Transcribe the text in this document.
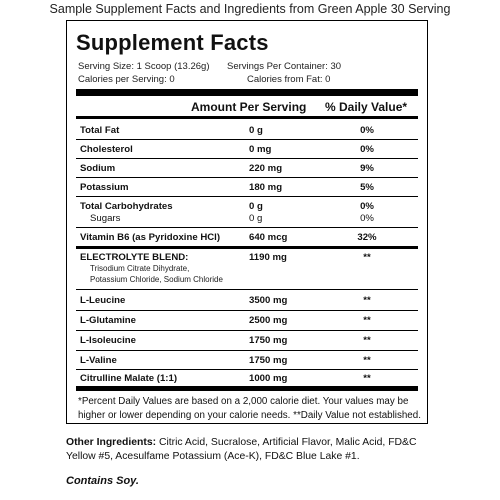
Sample Supplement Facts and Ingredients from Green Apple 30 Serving
Supplement Facts
Serving Size: 1 Scoop (13.26g) Servings Per Container: 30
Calories per Serving: 0	Calories from Fat: 0
Amount Per Serving % Daily Value*
Total Fat	0 g	0%
Cholesterol	0 mg	0%
Sodium	220 mg	9%
Potassium	180 mg	5%
Total Carbohydrates	0 g	0%
Sugars	0 g	0%
Vitamin B6 (as Pyridoxine HCl)	640 mcg	32%
ELECTROLYTE BLEND:	1190 mg	**
Trisodium Citrate Dihydrate,
Potassium Chloride, Sodium Chloride
L-Leucine	3500 mg	**
L-Glutamine	2500 mg	**
L-Isoleucine	1750 mg	**
L-Valine	1750 mg	**
Citrulline Malate (1:1)	1000 mg	**
*Percent Daily Values are based on a 2,000 calorie diet. Your values may be higher or lower depending on your calorie needs. **Daily Value not established.
Other Ingredients: Citric Acid, Sucralose, Artificial Flavor, Malic Acid, FD&C Yellow #5, Acesulfame Potassium (Ace-K), FD&C Blue Lake #1.
Contains Soy.
